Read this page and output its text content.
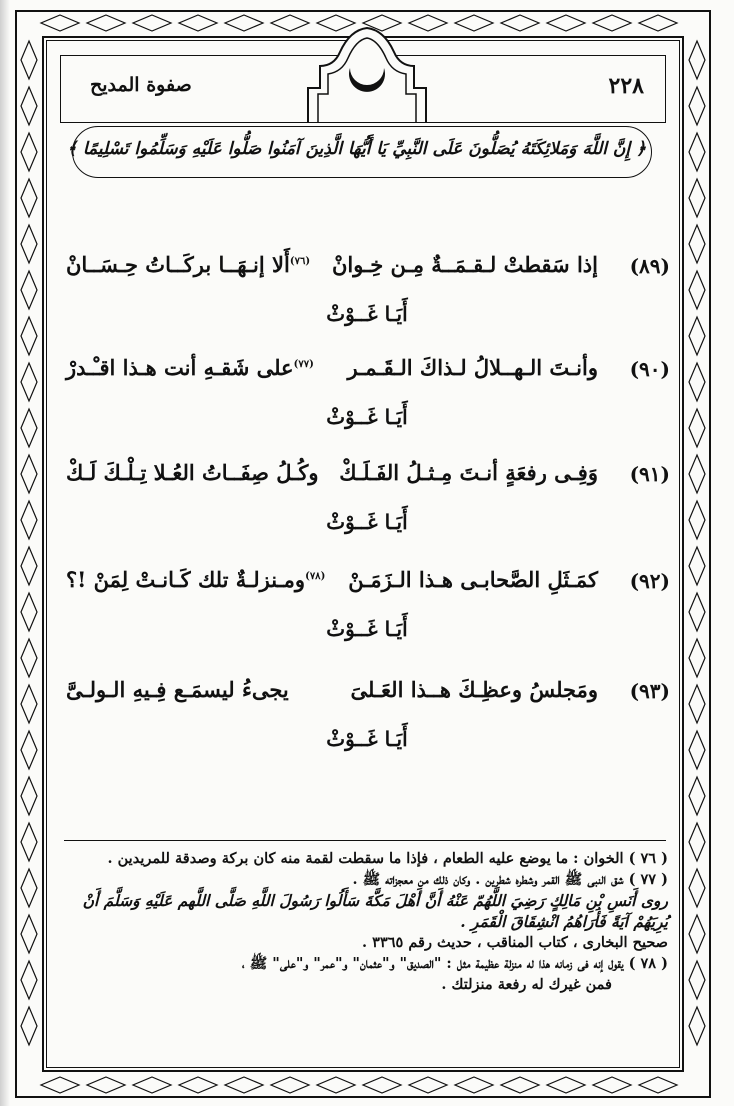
٢٢٨
صفوة المديح
﴿ إِنَّ اللَّهَ وَمَلائِكَتَهُ يُصَلُّونَ عَلَى النَّبِيِّ يَا أَيُّهَا الَّذِينَ آمَنُوا صَلُّوا عَلَيْهِ وَسَلِّمُوا تَسْلِيمًا ﴾
(٨٩)
إذا سَقطتْ لـقـمَــةٌ مِـن خِـوانْ
$^{(٧٦)}$أَلا إنـهَــا بركَــاتُ حِـسَــانْ
أَيَـا غَــوْثْ
(٩٠)
وأنـتَ الـهــلالُ لـذاكَ الـقَـمـر
$^{(٧٧)}$على شَقـهِ أنت هـذا اقـْـدرْ
أَيَـا غَــوْثْ
(٩١)
وَفِـى رفعَةٍ أنـتَ مِـثـلُ الفَـلَـكْ
وكُـلُ صِفَــاتُ العُـلا تِـلْـكَ لَـكْ
أَيَـا غَــوْثْ
(٩٢)
كمَـثَلِ الصَّحابـى هـذا الـزَمَـنْ
$^{(٧٨)}$ومـنزلـةٌ تلك كَـانـتْ لِمَنْ !؟
أَيَـا غَــوْثْ
(٩٣)
ومَجلسُ وعظِـكَ هــذا العَـلىَ
يجىءُ ليسمَـع فِـيهِ الـولـىَّ
أَيَـا غَــوْثْ

( ٧٦ ) الخوان : ما يوضع عليه الطعام ، فإذا ما سقطت لقمة منه كان بركة وصدقة للمريدين .

( ٧٧ ) شق النبى ﷺ القمر وشطره شطرين . وكان ذلك من معجزاته ﷺ .

روى أَنَسِ بْنِ مَالِكٍ رَضِيَ اللَّهُمّ عَنْهُ أَنَّ أَهْلَ مَكَّةَ سَأَلُوا رَسُولَ اللَّهِ صَلَّى اللَّهم عَلَيْهِ وَسَلَّمَ أَنْ يُرِيَهُمْ آيَةً فَأَرَاهُمُ انْشِقَاقَ الْقَمَرِ .

صحيح البخارى ، كتاب المناقب ، حديث رقم ٣٣٦٥ .

( ٧٨ ) يقول إنه فى زمانه هذا له منزلة عظيمة مثل : "الصديق" و"عثمان" و"عمر" و"على" ﷺ ،

فمن غيرك له رفعة منزلتك .
